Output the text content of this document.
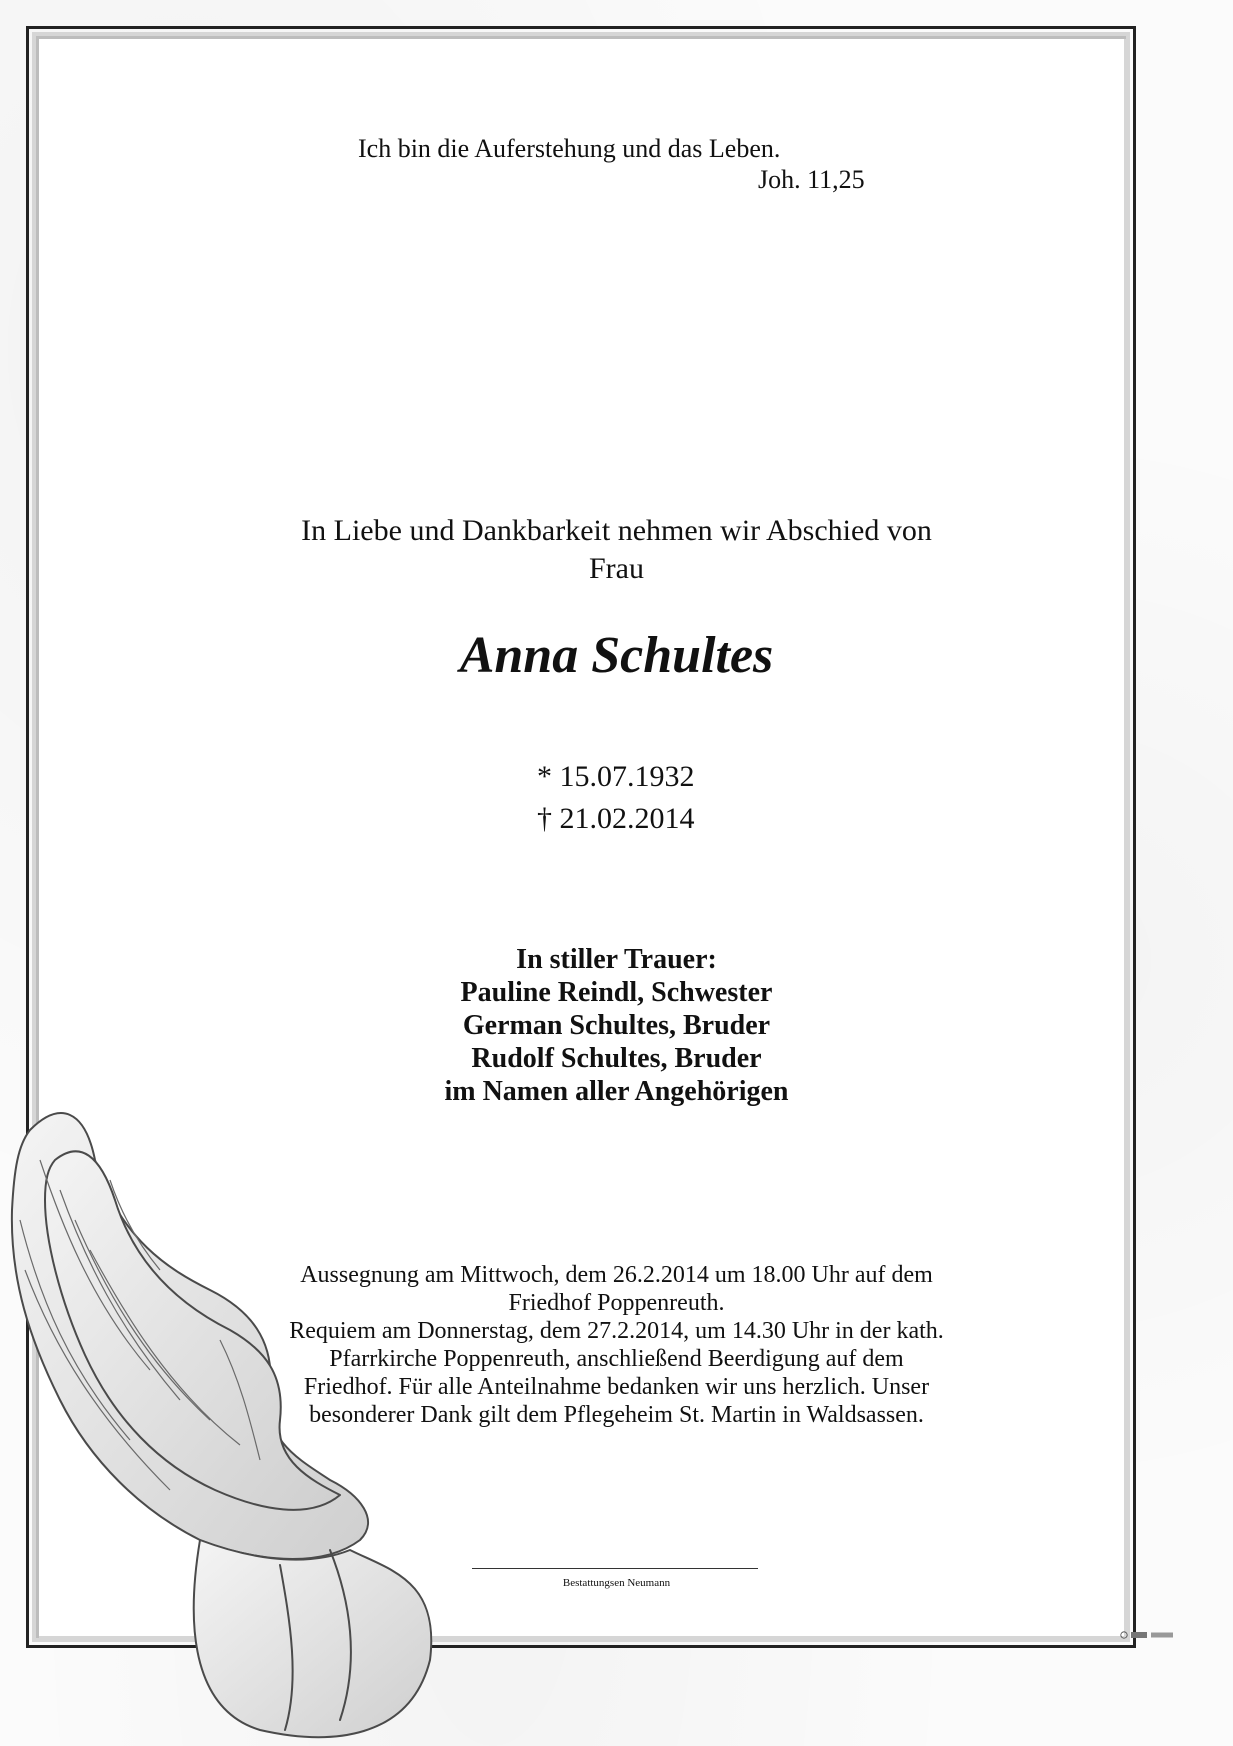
Ich bin die Auferstehung und das Leben.
Joh. 11,25
In Liebe und Dankbarkeit nehmen wir Abschied von
Frau
Anna Schultes
* 15.07.1932
† 21.02.2014
In stiller Trauer:
Pauline Reindl, Schwester
German Schultes, Bruder
Rudolf Schultes, Bruder
im Namen aller Angehörigen
Aussegnung am Mittwoch, dem 26.2.2014 um 18.00 Uhr auf dem
Friedhof Poppenreuth.
Requiem am Donnerstag, dem 27.2.2014, um 14.30 Uhr in der kath.
Pfarrkirche Poppenreuth, anschließend Beerdigung auf dem
Friedhof. Für alle Anteilnahme bedanken wir uns herzlich. Unser
besonderer Dank gilt dem Pflegeheim St. Martin in Waldsassen.
Bestattungsen Neumann
